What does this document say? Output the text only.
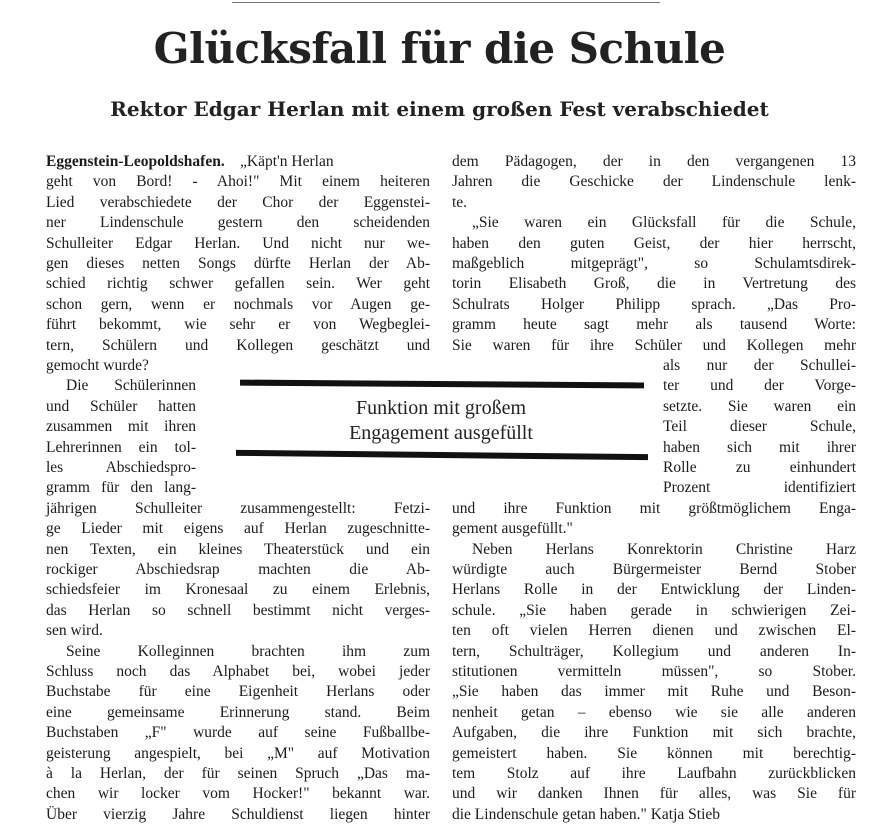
Glücksfall für die Schule
Rektor Edgar Herlan mit einem großen Fest verabschiedet
Eggenstein-Leopoldshafen. „Käpt'n Herlan
geht von Bord! - Ahoi!" Mit einem heiteren
Lied verabschiedete der Chor der Eggenstei-
ner Lindenschule gestern den scheidenden
Schulleiter Edgar Herlan. Und nicht nur we-
gen dieses netten Songs dürfte Herlan der Ab-
schied richtig schwer gefallen sein. Wer geht
schon gern, wenn er nochmals vor Augen ge-
führt bekommt, wie sehr er von Wegbeglei-
tern, Schülern und Kollegen geschätzt und
gemocht wurde?
Die Schülerinnen
und Schüler hatten
zusammen mit ihren
Lehrerinnen ein tol-
les Abschiedspro-
gramm für den lang-
jährigen Schulleiter zusammengestellt: Fetzi-
ge Lieder mit eigens auf Herlan zugeschnitte-
nen Texten, ein kleines Theaterstück und ein
rockiger Abschiedsrap machten die Ab-
schiedsfeier im Kronesaal zu einem Erlebnis,
das Herlan so schnell bestimmt nicht verges-
sen wird.
Seine Kolleginnen brachten ihm zum
Schluss noch das Alphabet bei, wobei jeder
Buchstabe für eine Eigenheit Herlans oder
eine gemeinsame Erinnerung stand. Beim
Buchstaben „F" wurde auf seine Fußballbe-
geisterung angespielt, bei „M" auf Motivation
à la Herlan, der für seinen Spruch „Das ma-
chen wir locker vom Hocker!" bekannt war.
Über vierzig Jahre Schuldienst liegen hinter
dem Pädagogen, der in den vergangenen 13
Jahren die Geschicke der Lindenschule lenk-
te.
„Sie waren ein Glücksfall für die Schule,
haben den guten Geist, der hier herrscht,
maßgeblich mitgeprägt", so Schulamtsdirek-
torin Elisabeth Groß, die in Vertretung des
Schulrats Holger Philipp sprach. „Das Pro-
gramm heute sagt mehr als tausend Worte:
Sie waren für ihre Schüler und Kollegen mehr
als nur der Schullei-
ter und der Vorge-
setzte. Sie waren ein
Teil dieser Schule,
haben sich mit ihrer
Rolle zu einhundert
Prozent identifiziert
und ihre Funktion mit größtmöglichem Enga-
gement ausgefüllt."
Neben Herlans Konrektorin Christine Harz
würdigte auch Bürgermeister Bernd Stober
Herlans Rolle in der Entwicklung der Linden-
schule. „Sie haben gerade in schwierigen Zei-
ten oft vielen Herren dienen und zwischen El-
tern, Schulträger, Kollegium und anderen In-
stitutionen vermitteln müssen", so Stober.
„Sie haben das immer mit Ruhe und Beson-
nenheit getan – ebenso wie sie alle anderen
Aufgaben, die ihre Funktion mit sich brachte,
gemeistert haben. Sie können mit berechtig-
tem Stolz auf ihre Laufbahn zurückblicken
und wir danken Ihnen für alles, was Sie für
die Lindenschule getan haben." Katja Stieb
Funktion mit großem
Engagement ausgefüllt
